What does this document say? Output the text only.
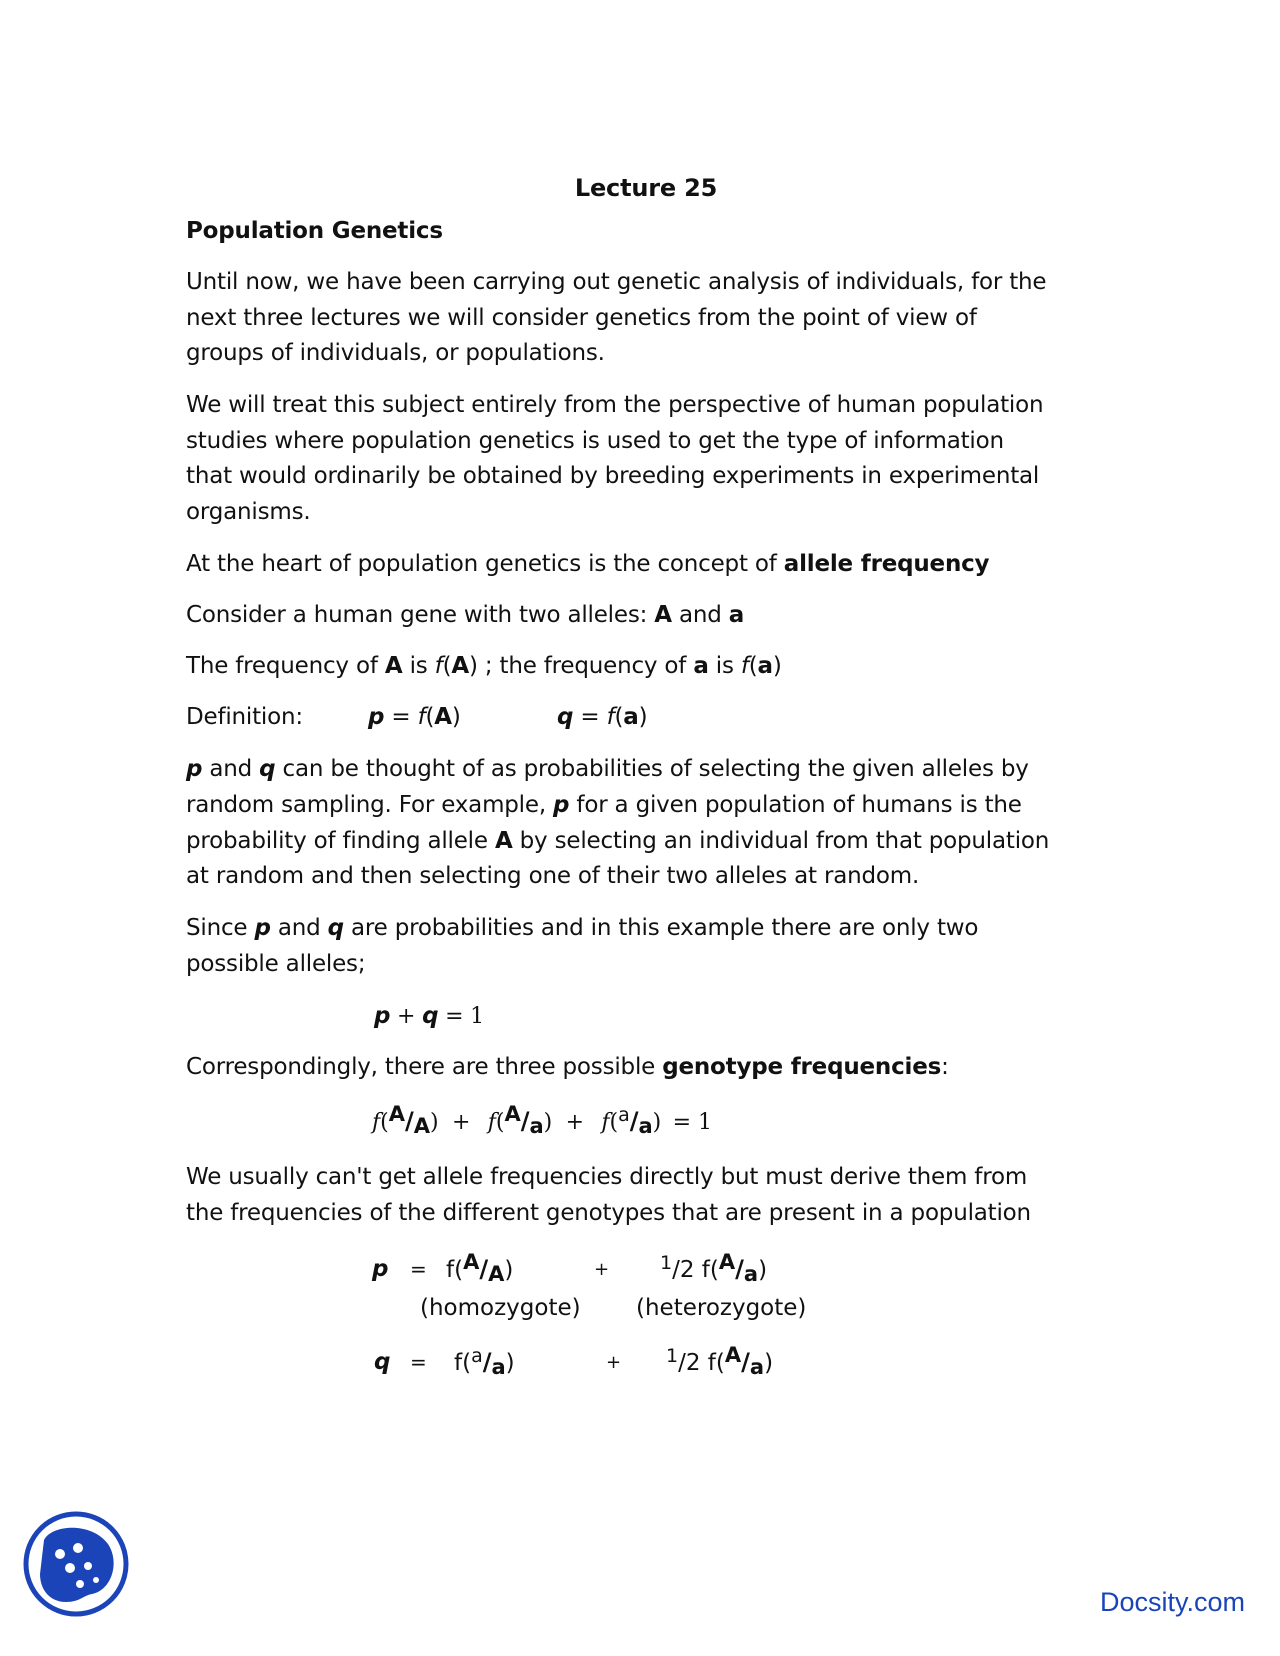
Lecture 25
Population Genetics
Until now, we have been carrying out genetic analysis of individuals, for the
next three lectures we will consider genetics from the point of view of
groups of individuals, or populations.
We will treat this subject entirely from the perspective of human population
studies where population genetics is used to get the type of information
that would ordinarily be obtained by breeding experiments in experimental
organisms.
At the heart of population genetics is the concept of allele frequency
Consider a human gene with two alleles: A and a
The frequency of A is f(A) ; the frequency of a is f(a)
Definition:	p = f(A)	q = f(a)
p and q can be thought of as probabilities of selecting the given alleles by
random sampling. For example, p for a given population of humans is the
probability of finding allele A by selecting an individual from that population
at random and then selecting one of their two alleles at random.
Since p and q are probabilities and in this example there are only two
possible alleles;
p + q = 1
Correspondingly, there are three possible genotype frequencies:
f(A/A) + f(A/a) + f($^a$/a) = 1
We usually can't get allele frequencies directly but must derive them from
the frequencies of the different genotypes that are present in a population
p = f(A/A)	+	$^1$/2 f(A/a)
(homozygote) (heterozygote)
q = f($^a$/a)	+ $^1$/2 f(A/a)
Docsity.com
